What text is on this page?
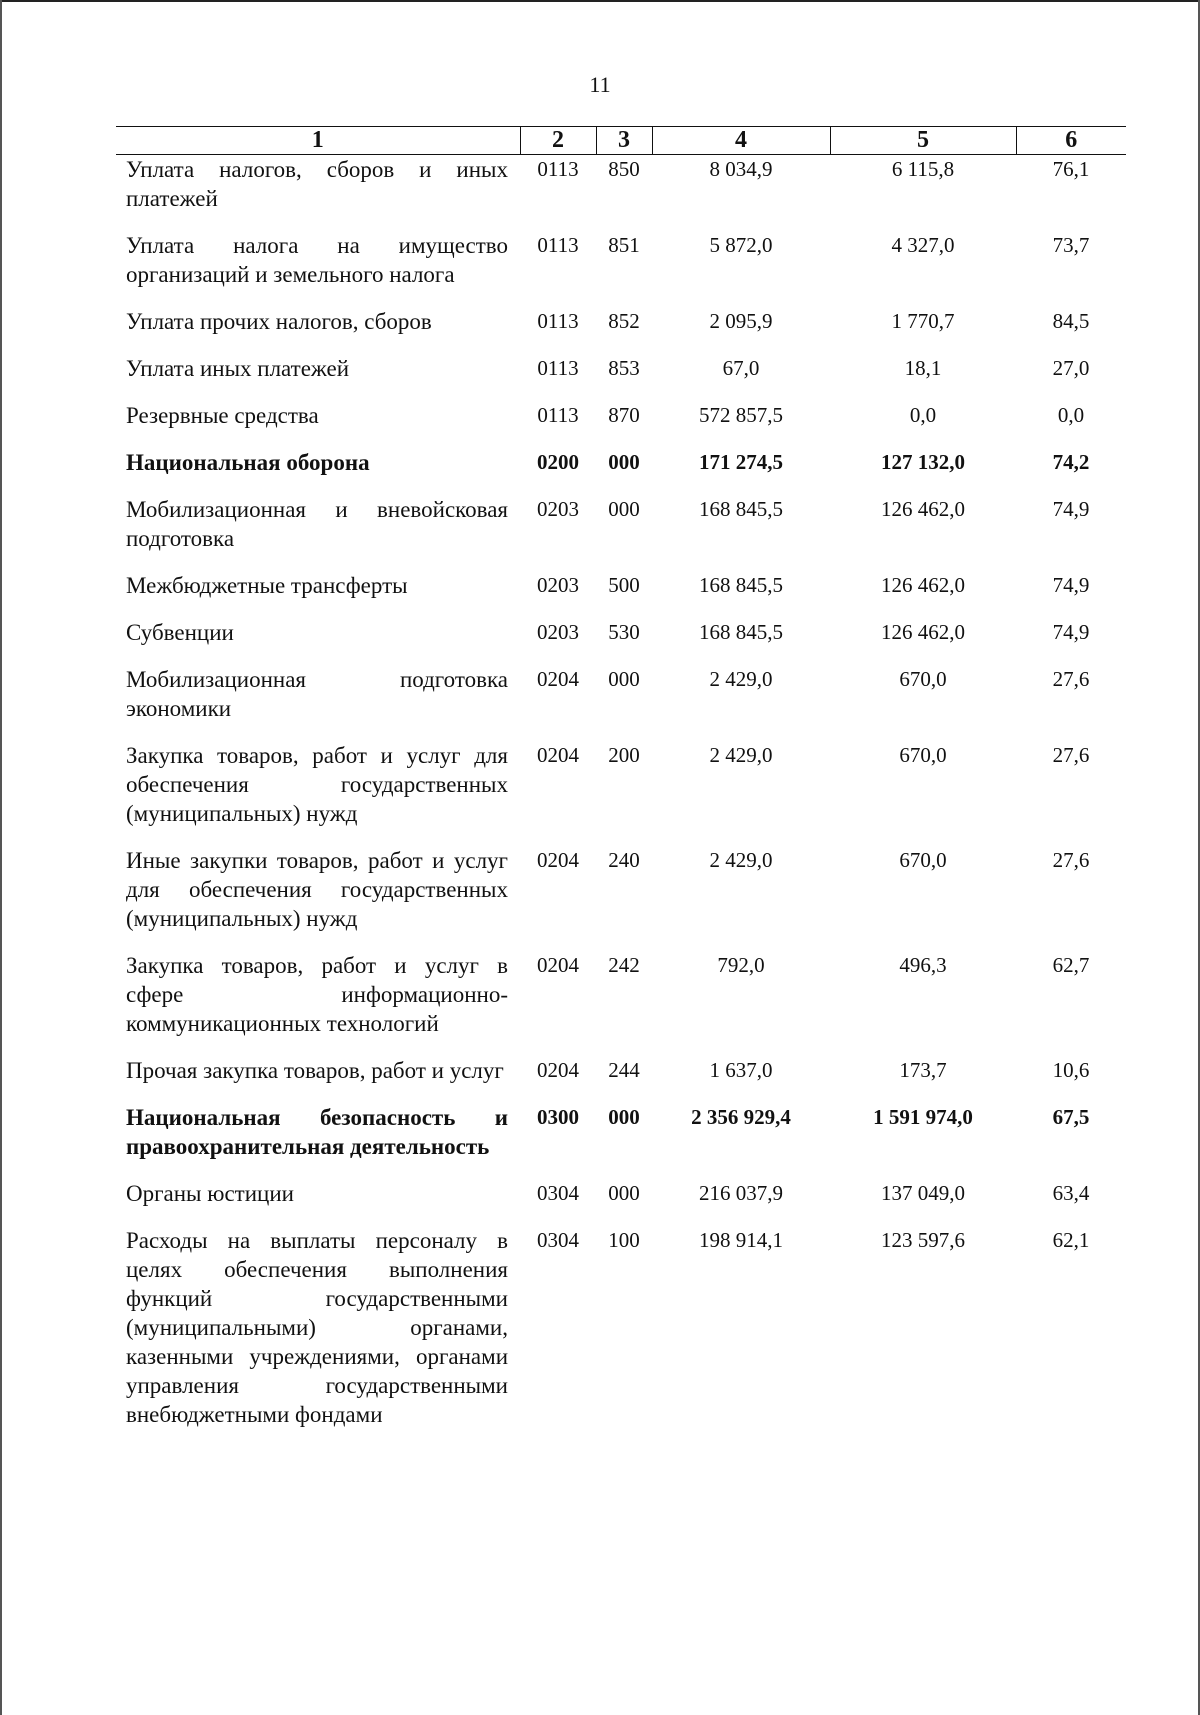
11
1	2	3	4	5	6
Уплата налогов, сборов и иных платежей	0113	850	8 034,9	6 115,8	76,1
Уплата налога на имущество организаций и земельного налога	0113	851	5 872,0	4 327,0	73,7
Уплата прочих налогов, сборов	0113	852	2 095,9	1 770,7	84,5
Уплата иных платежей	0113	853	67,0	18,1	27,0
Резервные средства	0113	870	572 857,5	0,0	0,0
Национальная оборона	0200	000	171 274,5	127 132,0	74,2
Мобилизационная и вневойсковая подготовка	0203	000	168 845,5	126 462,0	74,9
Межбюджетные трансферты	0203	500	168 845,5	126 462,0	74,9
Субвенции	0203	530	168 845,5	126 462,0	74,9
Мобилизационная подготовка экономики	0204	000	2 429,0	670,0	27,6
Закупка товаров, работ и услуг для обеспечения государственных (муниципальных) нужд	0204	200	2 429,0	670,0	27,6
Иные закупки товаров, работ и услуг для обеспечения государственных (муниципальных) нужд	0204	240	2 429,0	670,0	27,6
Закупка товаров, работ и услуг в сфере информационно-коммуникационных технологий	0204	242	792,0	496,3	62,7
Прочая закупка товаров, работ и услуг	0204	244	1 637,0	173,7	10,6
Национальная безопасность и правоохранительная деятельность	0300	000	2 356 929,4	1 591 974,0	67,5
Органы юстиции	0304	000	216 037,9	137 049,0	63,4
Расходы на выплаты персоналу в целях обеспечения выполнения функций государственными (муниципальными) органами, казенными учреждениями, органами управления государственными внебюджетными фондами	0304	100	198 914,1	123 597,6	62,1
